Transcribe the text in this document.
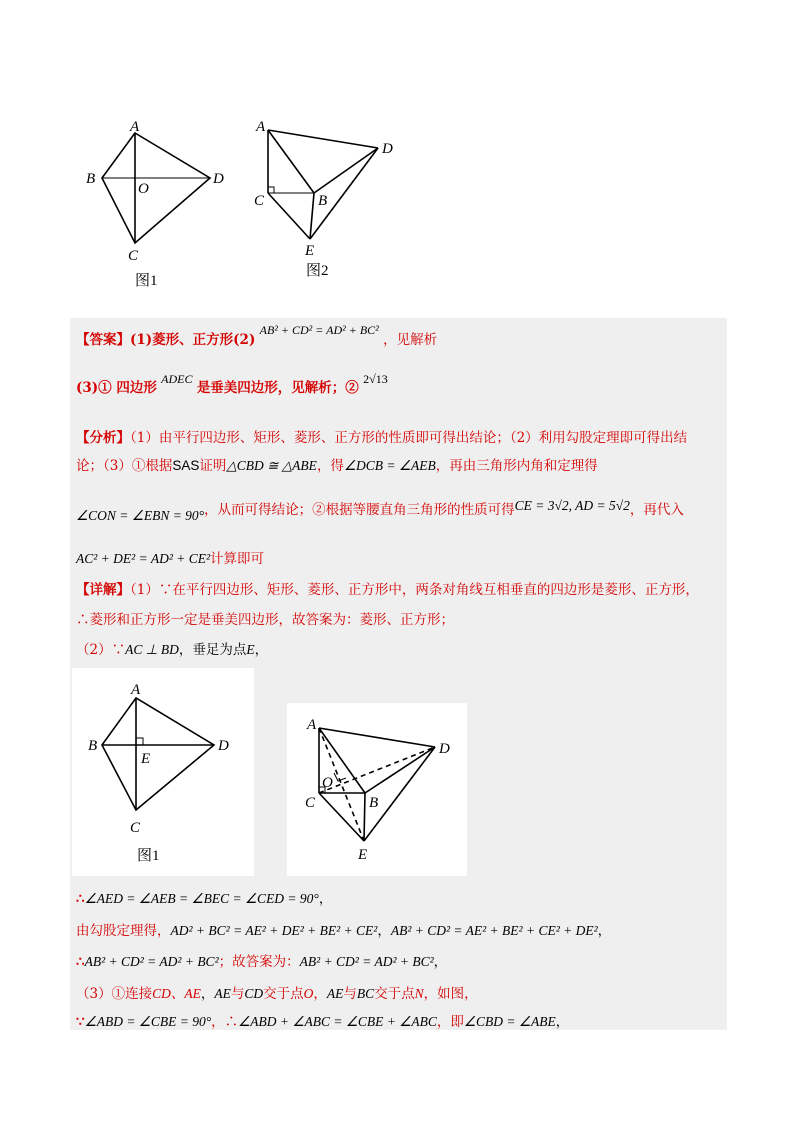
A
B	D
O
C
图1
A
D
C	B
E
图2
【答案】(1)菱形、正方形(2) AB² + CD² = AD² + BC² ，见解析
(3)① 四边形 ADEC 是垂美四边形，见解析；② 2√13
【分析】（1）由平行四边形、矩形、菱形、正方形的性质即可得出结论；（2）利用勾股定理即可得出结
论；（3）①根据SAS证明△CBD ≅ △ABE，得∠DCB = ∠AEB，再由三角形内角和定理得
∠CON = ∠EBN = 90°，从而可得结论；②根据等腰直角三角形的性质可得CE = 3√2, AD = 5√2，再代入
AC² + DE² = AD² + CE²计算即可
【详解】（1）∵在平行四边形、矩形、菱形、正方形中，两条对角线互相垂直的四边形是菱形、正方形，
∴菱形和正方形一定是垂美四边形，故答案为：菱形、正方形；
（2）∵AC ⊥ BD，垂足为点E，
A
B	D
E
C
图1
A
D
O
C	B
E
∴∠AED = ∠AEB = ∠BEC = ∠CED = 90°，
由勾股定理得，AD² + BC² = AE² + DE² + BE² + CE²，AB² + CD² = AE² + BE² + CE² + DE²，
∴AB² + CD² = AD² + BC²；故答案为：AB² + CD² = AD² + BC²，
（3）①连接CD、AE，AE与CD交于点O，AE与BC交于点N，如图，
∵∠ABD = ∠CBE = 90°，∴∠ABD + ∠ABC = ∠CBE + ∠ABC，即∠CBD = ∠ABE，
